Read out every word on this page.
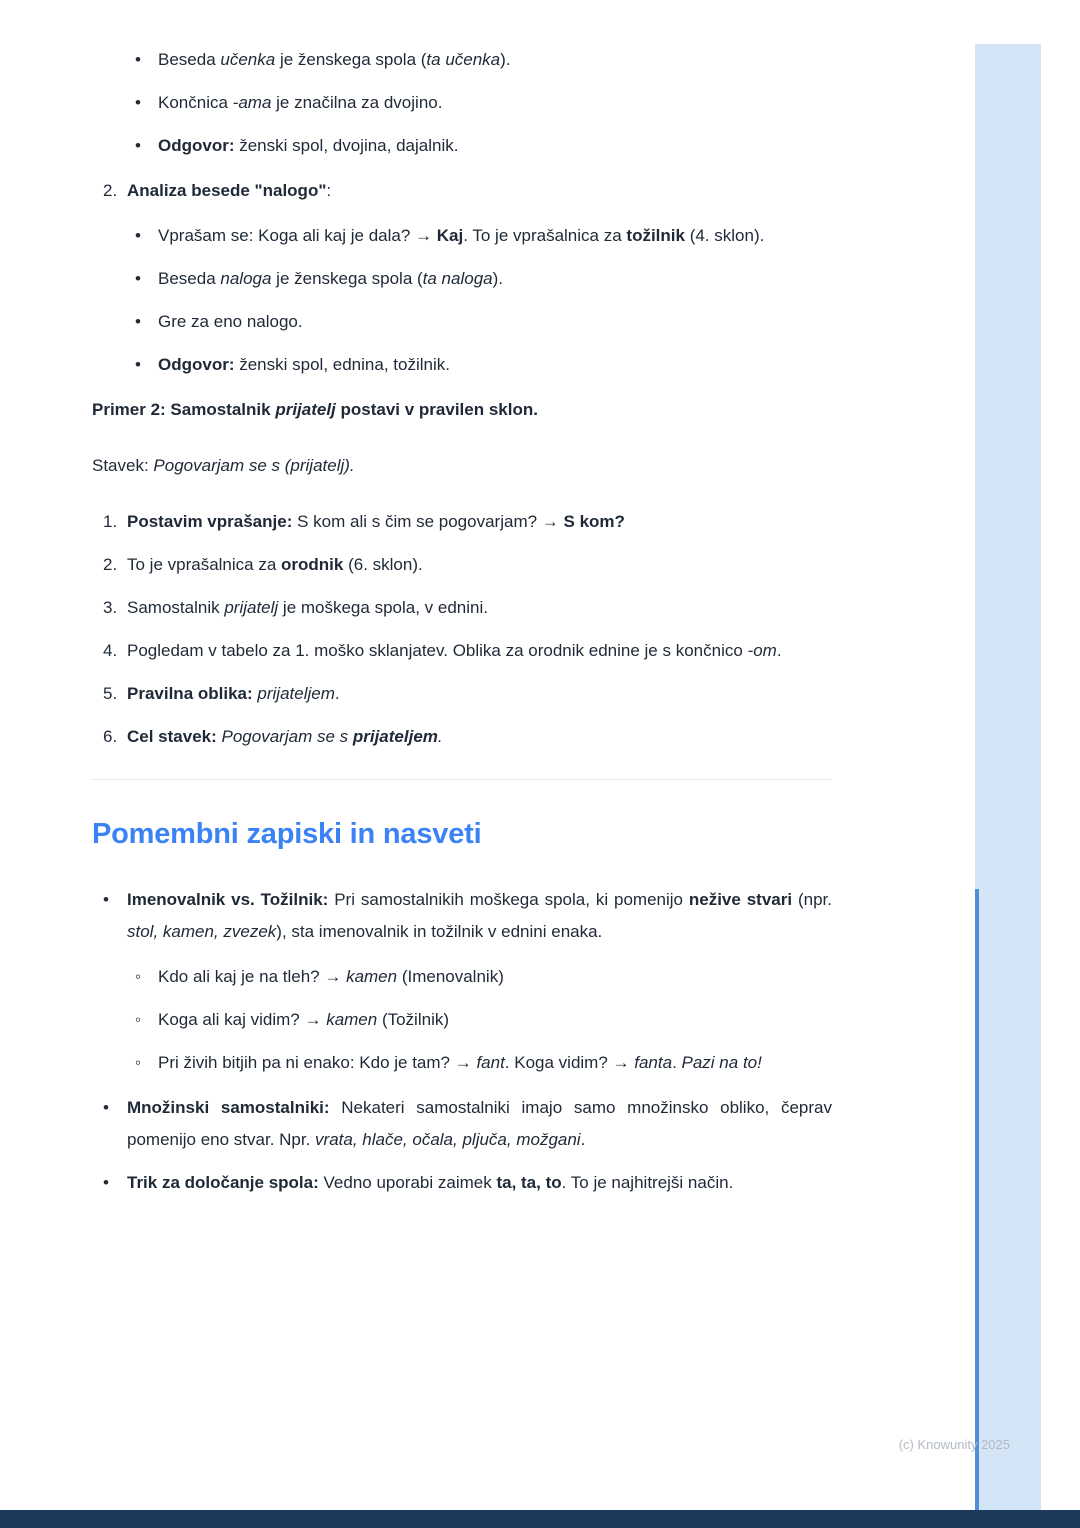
•	Beseda učenka je ženskega spola (ta učenka).
•	Končnica -ama je značilna za dvojino.
•	Odgovor: ženski spol, dvojina, dajalnik.
2. Analiza besede "nalogo":
•	Vprašam se: Koga ali kaj je dala? → Kaj. To je vprašalnica za tožilnik (4. sklon).
•	Beseda naloga je ženskega spola (ta naloga).
•	Gre za eno nalogo.
•	Odgovor: ženski spol, ednina, tožilnik.

Primer 2: Samostalnik prijatelj postavi v pravilen sklon.

Stavek: Pogovarjam se s (prijatelj).

1. Postavim vprašanje: S kom ali s čim se pogovarjam? → S kom?
2. To je vprašalnica za orodnik (6. sklon).
3. Samostalnik prijatelj je moškega spola, v ednini.
4. Pogledam v tabelo za 1. moško sklanjatev. Oblika za orodnik ednine je s končnico -om.
5. Pravilna oblika: prijateljem.
6. Cel stavek: Pogovarjam se s prijateljem.
Pomembni zapiski in nasveti
•	Imenovalnik vs. Tožilnik: Pri samostalnikih moškega spola, ki pomenijo nežive stvari (npr. stol, kamen, zvezek), sta imenovalnik in tožilnik v ednini enaka.
◦ Kdo ali kaj je na tleh? → kamen (Imenovalnik)
◦ Koga ali kaj vidim? → kamen (Tožilnik)
◦ Pri živih bitjih pa ni enako: Kdo je tam? → fant. Koga vidim? → fanta. Pazi na to!
•	Množinski samostalniki: Nekateri samostalniki imajo samo množinsko obliko, čeprav pomenijo eno stvar. Npr. vrata, hlače, očala, pljuča, možgani.
•	Trik za določanje spola: Vedno uporabi zaimek ta, ta, to. To je najhitrejši način.
(c) Knowunity 2025
